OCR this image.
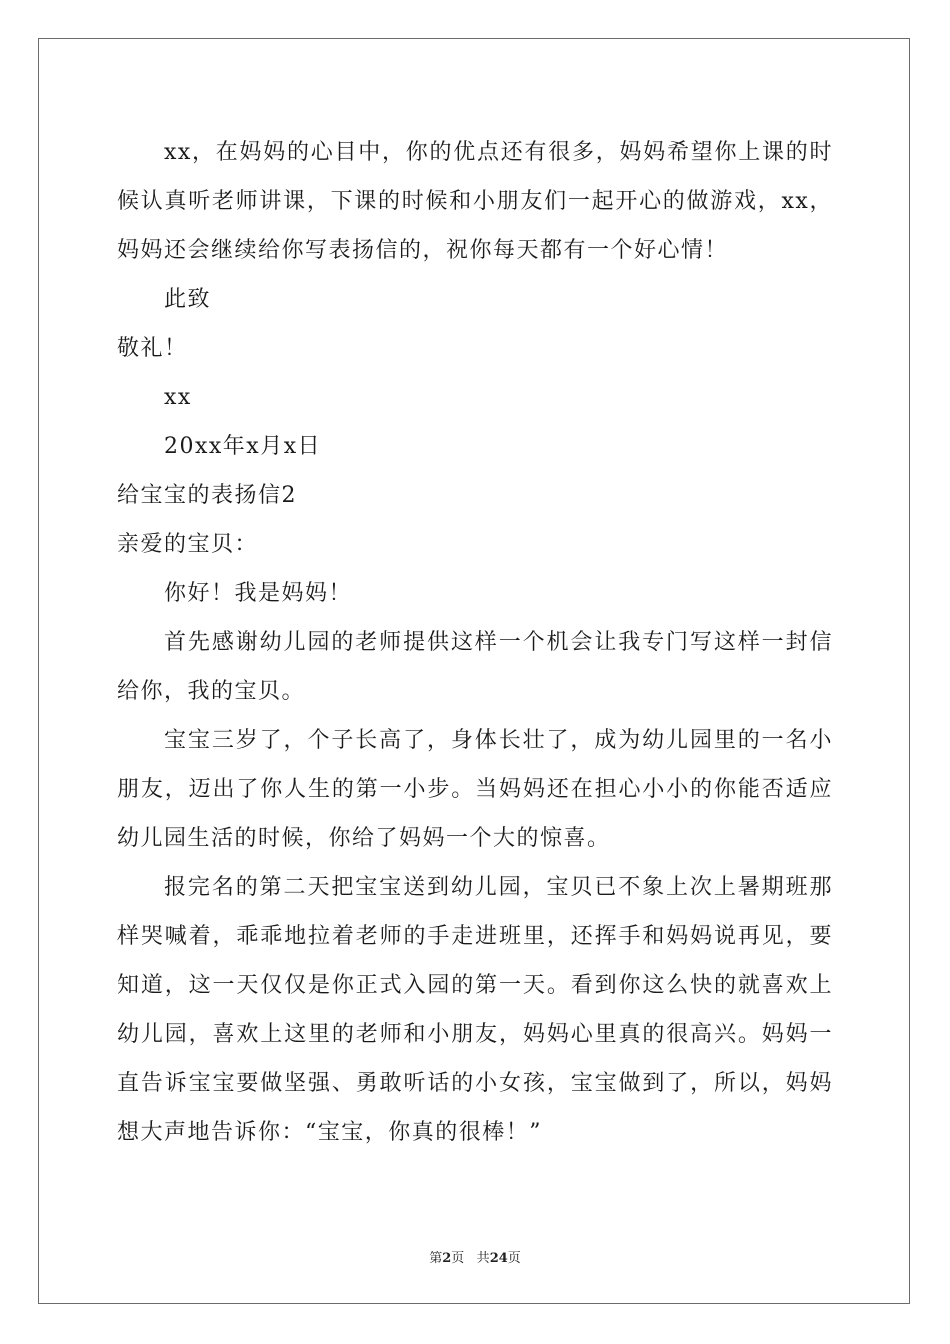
xx，在妈妈的心目中，你的优点还有很多，妈妈希望你上课的时候认真听老师讲课，下课的时候和小朋友们一起开心的做游戏，xx，妈妈还会继续给你写表扬信的，祝你每天都有一个好心情！

此致

敬礼！

xx

20xx年x月x日

给宝宝的表扬信2

亲爱的宝贝：

你好！我是妈妈！

首先感谢幼儿园的老师提供这样一个机会让我专门写这样一封信给你，我的宝贝。

宝宝三岁了，个子长高了，身体长壮了，成为幼儿园里的一名小朋友，迈出了你人生的第一小步。当妈妈还在担心小小的你能否适应幼儿园生活的时候，你给了妈妈一个大的惊喜。

报完名的第二天把宝宝送到幼儿园，宝贝已不象上次上暑期班那样哭喊着，乖乖地拉着老师的手走进班里，还挥手和妈妈说再见，要知道，这一天仅仅是你正式入园的第一天。看到你这么快的就喜欢上幼儿园，喜欢上这里的老师和小朋友，妈妈心里真的很高兴。妈妈一直告诉宝宝要做坚强、勇敢听话的小女孩，宝宝做到了，所以，妈妈想大声地告诉你：“宝宝，你真的很棒！”

第2页 共24页
